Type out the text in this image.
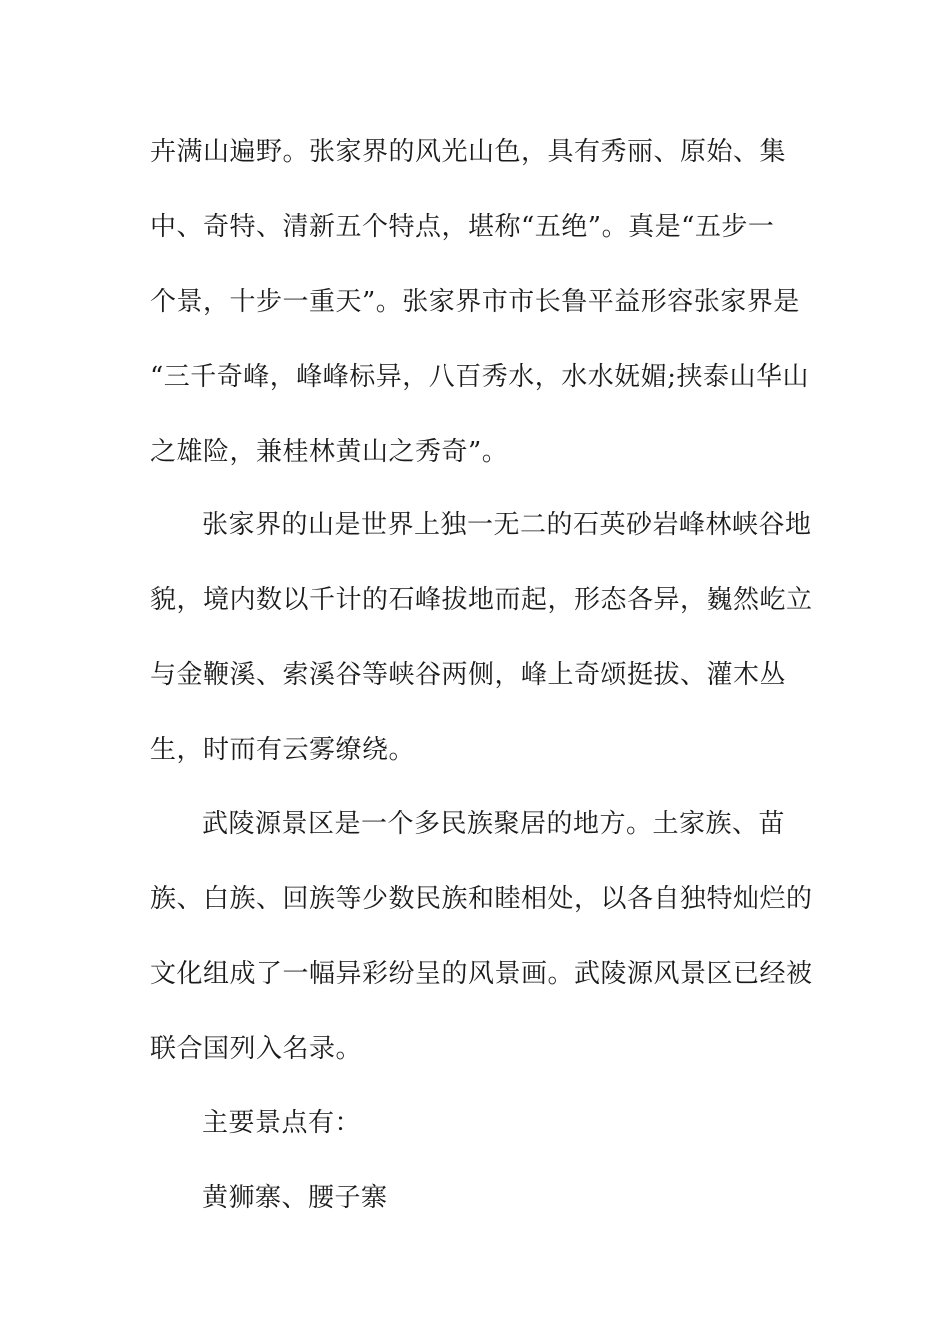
卉满山遍野。张家界的风光山色，具有秀丽、原始、集
中、奇特、清新五个特点，堪称“五绝”。真是“五步一
个景，十步一重天”。张家界市市长鲁平益形容张家界是
“三千奇峰，峰峰标异，八百秀水，水水妩媚;挟泰山华山
之雄险，兼桂林黄山之秀奇”。
张家界的山是世界上独一无二的石英砂岩峰林峡谷地
貌，境内数以千计的石峰拔地而起，形态各异，巍然屹立
与金鞭溪、索溪谷等峡谷两侧，峰上奇颂挺拔、灌木丛
生，时而有云雾缭绕。
武陵源景区是一个多民族聚居的地方。土家族、苗
族、白族、回族等少数民族和睦相处，以各自独特灿烂的
文化组成了一幅异彩纷呈的风景画。武陵源风景区已经被
联合国列入名录。
主要景点有：
黄狮寨、腰子寨
